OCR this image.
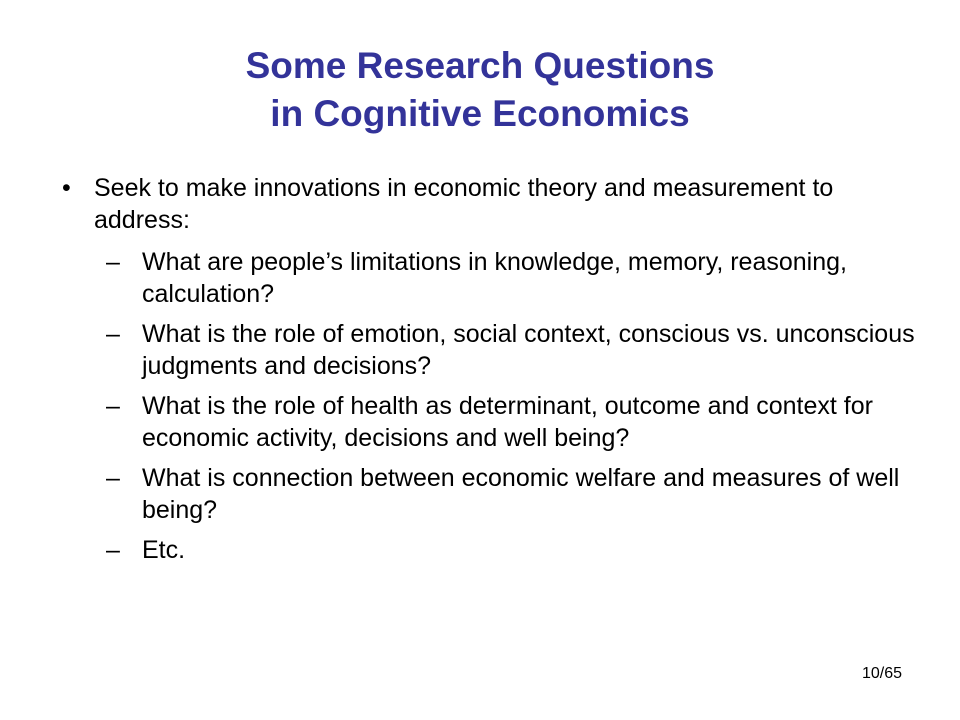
Some Research Questions
in Cognitive Economics
• Seek to make innovations in economic theory and measurement to address:
– What are people’s limitations in knowledge, memory, reasoning, calculation?
– What is the role of emotion, social context, conscious vs. unconscious judgments and decisions?
– What is the role of health as determinant, outcome and context for economic activity, decisions and well being?
– What is connection between economic welfare and measures of well being?
– Etc.
10/65
